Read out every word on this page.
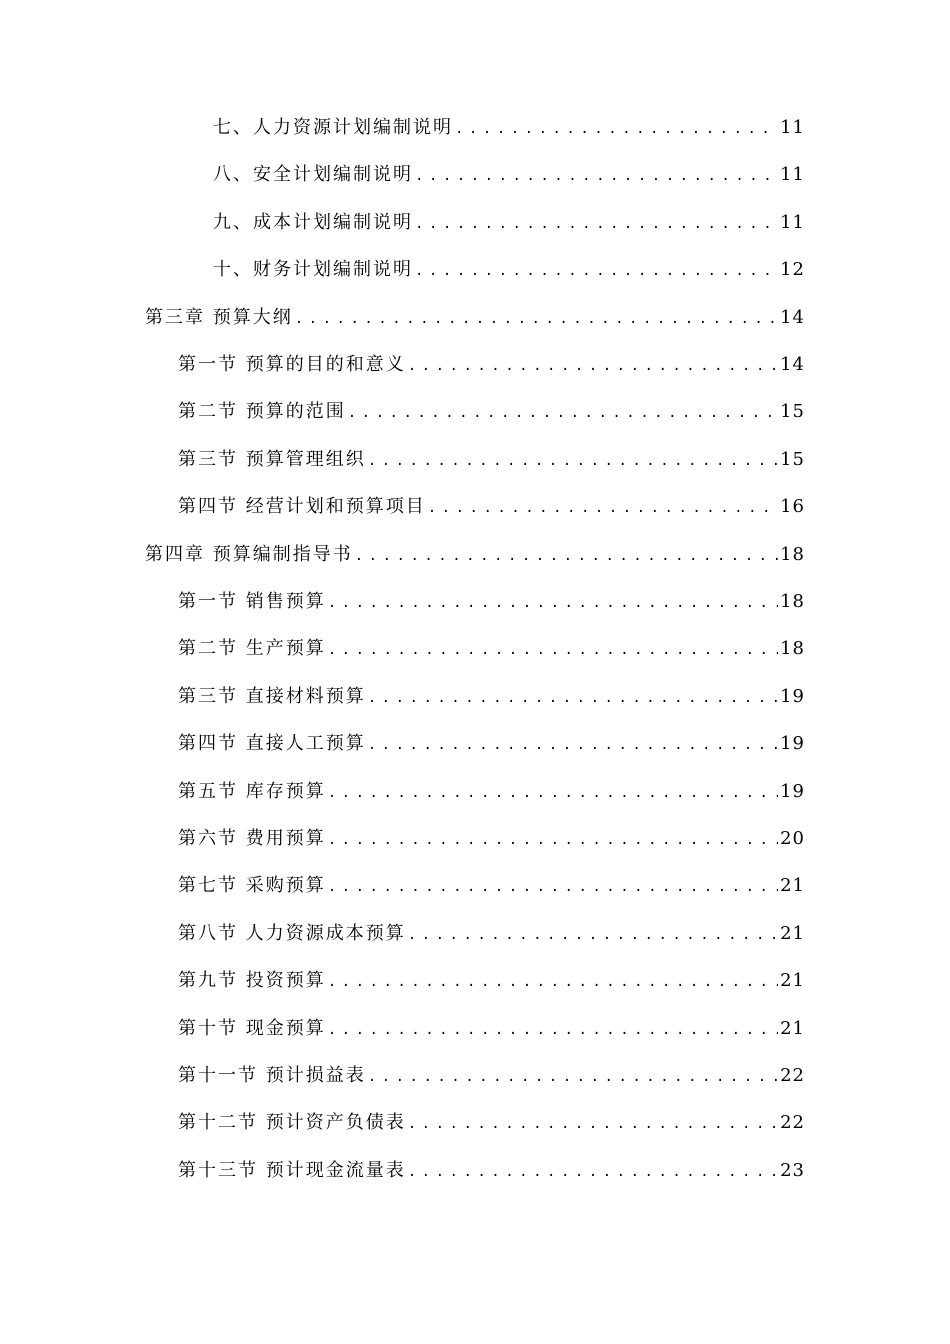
七、人力资源计划编制说明 .....	11
八、安全计划编制说明 .....	11
九、成本计划编制说明 .....	11
十、财务计划编制说明 .....	12
第三章 预算大纲 .....	14
第一节 预算的目的和意义 .....	14
第二节 预算的范围 .....	15
第三节 预算管理组织 .....	15
第四节 经营计划和预算项目 .....	16
第四章 预算编制指导书 .....	18
第一节 销售预算 .....	18
第二节 生产预算 .....	18
第三节 直接材料预算 .....	19
第四节 直接人工预算 .....	19
第五节 库存预算 .....	19
第六节 费用预算 .....	20
第七节 采购预算 .....	21
第八节 人力资源成本预算 .....	21
第九节 投资预算 .....	21
第十节 现金预算 .....	21
第十一节 预计损益表 .....	22
第十二节 预计资产负债表 .....	22
第十三节 预计现金流量表 .....	23
